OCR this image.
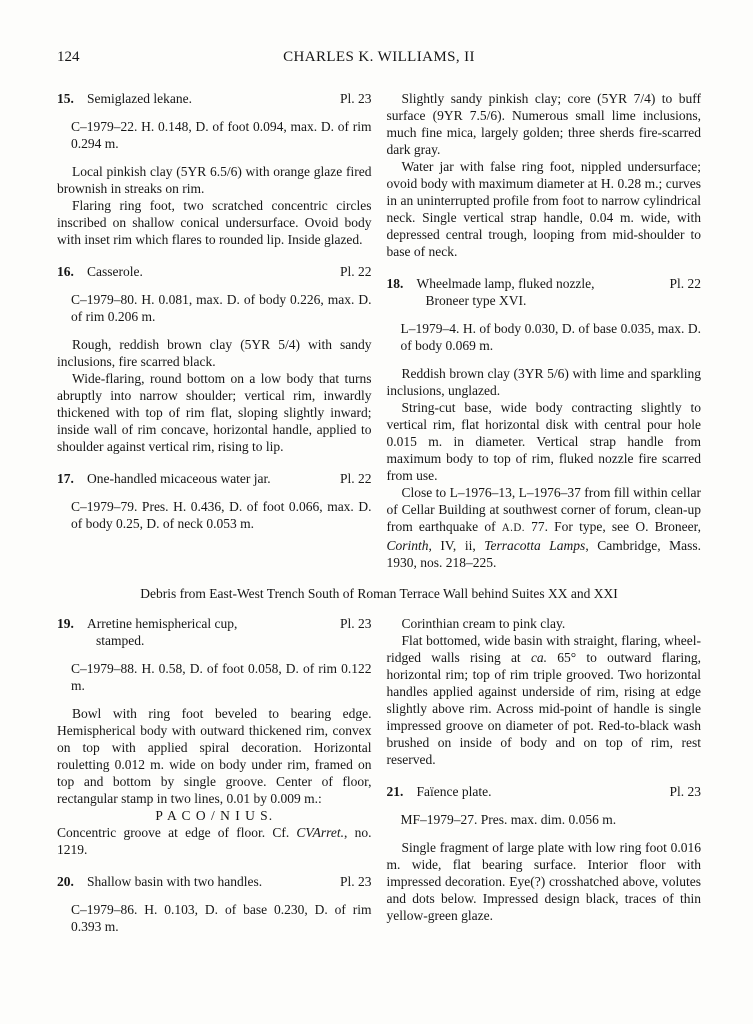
124	CHARLES K. WILLIAMS, II
15. Semiglazed lekane.	Pl. 23

C–1979–22. H. 0.148, D. of foot 0.094, max. D. of rim 0.294 m.

Local pinkish clay (5YR 6.5/6) with orange glaze fired brownish in streaks on rim.

Flaring ring foot, two scratched concentric circles inscribed on shallow conical undersurface. Ovoid body with inset rim which flares to rounded lip. Inside glazed.

16. Casserole.	Pl. 22

C–1979–80. H. 0.081, max. D. of body 0.226, max. D. of rim 0.206 m.

Rough, reddish brown clay (5YR 5/4) with sandy inclusions, fire scarred black.

Wide-flaring, round bottom on a low body that turns abruptly into narrow shoulder; vertical rim, inwardly thickened with top of rim flat, sloping slightly inward; inside wall of rim concave, horizontal handle, applied to shoulder against vertical rim, rising to lip.

17. One-handled micaceous water jar.	Pl. 22

C–1979–79. Pres. H. 0.436, D. of foot 0.066, max. D. of body 0.25, D. of neck 0.053 m.

Slightly sandy pinkish clay; core (5YR 7/4) to buff surface (9YR 7.5/6). Numerous small lime inclusions, much fine mica, largely golden; three sherds fire-scarred dark gray.

Water jar with false ring foot, nippled undersurface; ovoid body with maximum diameter at H. 0.28 m.; curves in an uninterrupted profile from foot to narrow cylindrical neck. Single vertical strap handle, 0.04 m. wide, with depressed central trough, looping from mid-shoulder to base of neck.

18. Wheelmade lamp, fluked nozzle,
Broneer type XVI.
Pl. 22

L–1979–4. H. of body 0.030, D. of base 0.035, max. D. of body 0.069 m.

Reddish brown clay (3YR 5/6) with lime and sparkling inclusions, unglazed.

String-cut base, wide body contracting slightly to vertical rim, flat horizontal disk with central pour hole 0.015 m. in diameter. Vertical strap handle from maximum body to top of rim, fluked nozzle fire scarred from use.

Close to L–1976–13, L–1976–37 from fill within cellar of Cellar Building at southwest corner of forum, clean-up from earthquake of A.D. 77. For type, see O. Broneer, Corinth, IV, ii, Terracotta Lamps, Cambridge, Mass. 1930, nos. 218–225.

Debris from East-West Trench South of Roman Terrace Wall behind Suites XX and XXI
19. Arretine hemispherical cup,
stamped.
Pl. 23

C–1979–88. H. 0.58, D. of foot 0.058, D. of rim 0.122 m.

Bowl with ring foot beveled to bearing edge. Hemispherical body with outward thickened rim, convex on top with applied spiral decoration. Horizontal rouletting 0.012 m. wide on body under rim, framed on top and bottom by single groove. Center of floor, rectangular stamp in two lines, 0.01 by 0.009 m.:

P A C O / N I U S.

Concentric groove at edge of floor. Cf. CVArret., no. 1219.

20. Shallow basin with two handles.	Pl. 23

C–1979–86. H. 0.103, D. of base 0.230, D. of rim 0.393 m.

Corinthian cream to pink clay.

Flat bottomed, wide basin with straight, flaring, wheel-ridged walls rising at ca. 65° to outward flaring, horizontal rim; top of rim triple grooved. Two horizontal handles applied against underside of rim, rising at edge slightly above rim. Across mid-point of handle is single impressed groove on diameter of pot. Red-to-black wash brushed on inside of body and on top of rim, rest reserved.

21. Faïence plate.	Pl. 23

MF–1979–27. Pres. max. dim. 0.056 m.

Single fragment of large plate with low ring foot 0.016 m. wide, flat bearing surface. Interior floor with impressed decoration. Eye(?) crosshatched above, volutes and dots below. Impressed design black, traces of thin yellow-green glaze.
